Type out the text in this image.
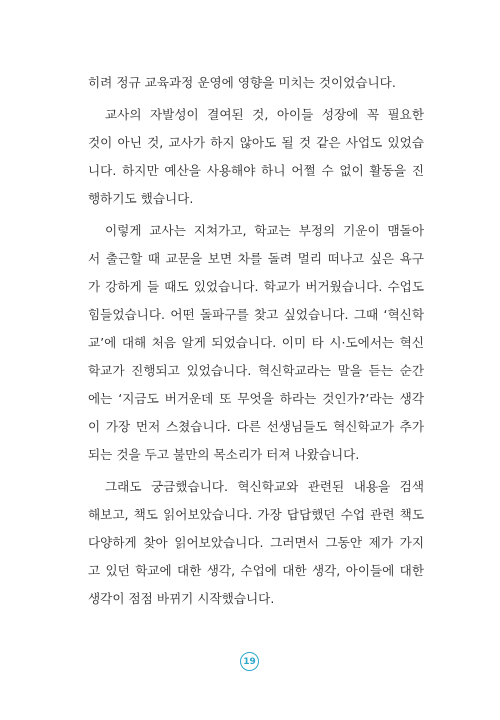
히려 정규 교육과정 운영에 영향을 미치는 것이었습니다.
교사의 자발성이 결여된 것, 아이들 성장에 꼭 필요한
것이 아닌 것, 교사가 하지 않아도 될 것 같은 사업도 있었습
니다. 하지만 예산을 사용해야 하니 어쩔 수 없이 활동을 진
행하기도 했습니다.
이렇게 교사는 지쳐가고, 학교는 부정의 기운이 맴돌아
서 출근할 때 교문을 보면 차를 돌려 멀리 떠나고 싶은 욕구
가 강하게 들 때도 있었습니다. 학교가 버거웠습니다. 수업도
힘들었습니다. 어떤 돌파구를 찾고 싶었습니다. 그때 ‘혁신학
교’에 대해 처음 알게 되었습니다. 이미 타 시·도에서는 혁신
학교가 진행되고 있었습니다. 혁신학교라는 말을 듣는 순간
에는 ‘지금도 버거운데 또 무엇을 하라는 것인가?’라는 생각
이 가장 먼저 스쳤습니다. 다른 선생님들도 혁신학교가 추가
되는 것을 두고 불만의 목소리가 터져 나왔습니다.
그래도 궁금했습니다. 혁신학교와 관련된 내용을 검색
해보고, 책도 읽어보았습니다. 가장 답답했던 수업 관련 책도
다양하게 찾아 읽어보았습니다. 그러면서 그동안 제가 가지
고 있던 학교에 대한 생각, 수업에 대한 생각, 아이들에 대한
생각이 점점 바뀌기 시작했습니다.
19
